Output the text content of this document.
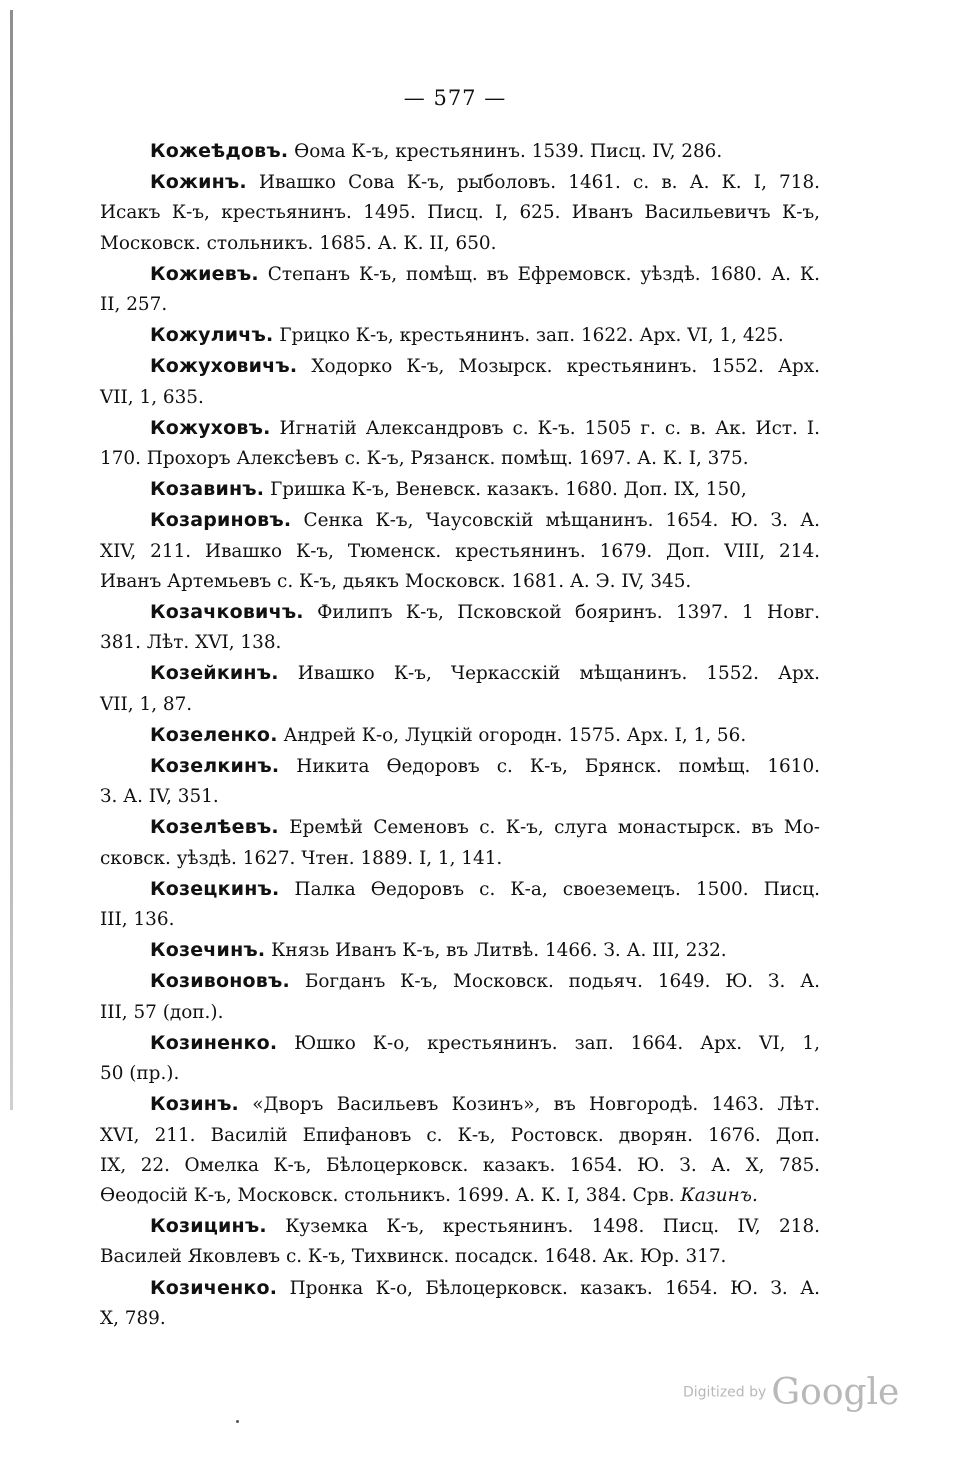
— 577 —
Кожеѣдовъ. Ѳома К-ъ, крестьянинъ. 1539. Писц. IV, 286.
Кожинъ. Ивашко Сова К-ъ, рыболовъ. 1461. с. в. А. К. I, 718.
Исакъ К-ъ, крестьянинъ. 1495. Писц. I, 625. Иванъ Васильевичъ К-ъ,
Московск. стольникъ. 1685. А. К. II, 650.
Кожиевъ. Степанъ К-ъ, помѣщ. въ Ефремовск. уѣздѣ. 1680. А. К.
II, 257.
Кожуличъ. Грицко К-ъ, крестьянинъ. зап. 1622. Арх. VI, 1, 425.
Кожуховичъ. Ходорко К-ъ, Мозырск. крестьянинъ. 1552. Арх.
VII, 1, 635.
Кожуховъ. Игнатій Александровъ с. К-ъ. 1505 г. с. в. Ак. Ист. I.
170. Прохоръ Алексѣевъ с. К-ъ, Рязанск. помѣщ. 1697. А. К. I, 375.
Козавинъ. Гришка К-ъ, Веневск. казакъ. 1680. Доп. IX, 150,
Козариновъ. Сенка К-ъ, Чаусовскій мѣщанинъ. 1654. Ю. З. А.
XIV, 211. Ивашко К-ъ, Тюменск. крестьянинъ. 1679. Доп. VIII, 214.
Иванъ Артемьевъ с. К-ъ, дьякъ Московск. 1681. А. Э. IV, 345.
Козачковичъ. Филипъ К-ъ, Псковской бояринъ. 1397. 1 Новг.
381. Лѣт. XVI, 138.
Козейкинъ. Ивашко К-ъ, Черкасскій мѣщанинъ. 1552. Арх.
VII, 1, 87.
Козеленко. Андрей К-о, Луцкій огородн. 1575. Арх. I, 1, 56.
Козелкинъ. Никита Ѳедоровъ с. К-ъ, Брянск. помѣщ. 1610.
З. А. IV, 351.
Козелѣевъ. Еремѣй Семеновъ с. К-ъ, слуга монастырск. въ Мо-
сковск. уѣздѣ. 1627. Чтен. 1889. I, 1, 141.
Козецкинъ. Палка Ѳедоровъ с. К-а, своеземецъ. 1500. Писц.
III, 136.
Козечинъ. Князь Иванъ К-ъ, въ Литвѣ. 1466. З. А. III, 232.
Козивоновъ. Богданъ К-ъ, Московск. подьяч. 1649. Ю. З. А.
III, 57 (доп.).
Козиненко. Юшко К-о, крестьянинъ. зап. 1664. Арх. VI, 1,
50 (пр.).
Козинъ. «Дворъ Васильевъ Козинъ», въ Новгородѣ. 1463. Лѣт.
XVI, 211. Василій Епифановъ с. К-ъ, Ростовск. дворян. 1676. Доп.
IX, 22. Омелка К-ъ, Бѣлоцерковск. казакъ. 1654. Ю. З. А. X, 785.
Ѳеодосій К-ъ, Московск. стольникъ. 1699. А. К. I, 384. Срв. Казинъ.
Козицинъ. Куземка К-ъ, крестьянинъ. 1498. Писц. IV, 218.
Василей Яковлевъ с. К-ъ, Тихвинск. посадск. 1648. Ак. Юр. 317.
Козиченко. Пронка К-о, Бѣлоцерковск. казакъ. 1654. Ю. З. А.
X, 789.
Digitized by Google
